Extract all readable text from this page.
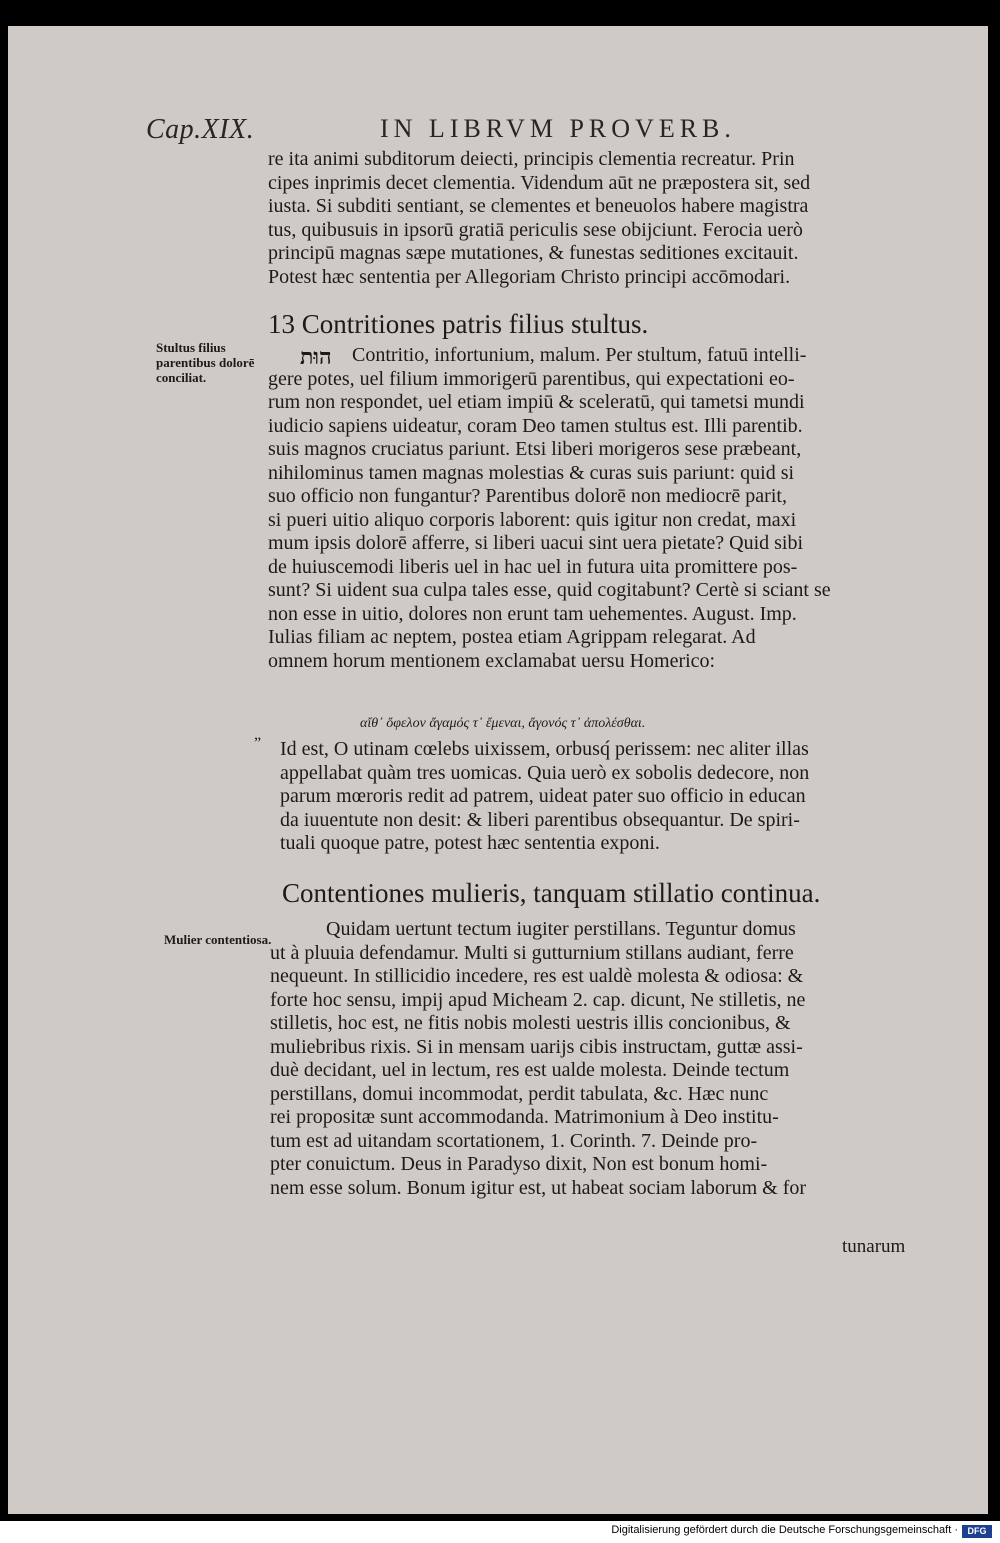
Cap.XIX.	IN LIBRVM PROVERB.
re ita animi subditorum deiecti, principis clementia recreatur. Prin
cipes inprimis decet clementia. Videndum aūt ne præpostera sit, sed
iusta. Si subditi sentiant, se clementes et beneuolos habere magistra
tus, quibusuis in ipsorū gratiā periculis sese obijciunt. Ferocia uerò
principū magnas sæpe mutationes, & funestas seditiones excitauit.
Potest hæc sententia per Allegoriam Christo principi accōmodari.
13 Contritiones patris filius stultus.
Stultus filius parentibus dolorē conciliat.
הוּת	Contritio, infortunium, malum. Per stultum, fatuū intelli-
gere potes, uel filium immorigerū parentibus, qui expectationi eo-
rum non respondet, uel etiam impiū & sceleratū, qui tametsi mundi
iudicio sapiens uideatur, coram Deo tamen stultus est. Illi parentib.
suis magnos cruciatus pariunt. Etsi liberi morigeros sese præbeant,
nihilominus tamen magnas molestias & curas suis pariunt: quid si
suo officio non fungantur? Parentibus dolorē non mediocrē parit,
si pueri uitio aliquo corporis laborent: quis igitur non credat, maxi
mum ipsis dolorē afferre, si liberi uacui sint uera pietate? Quid sibi
de huiuscemodi liberis uel in hac uel in futura uita promittere pos-
sunt? Si uident sua culpa tales esse, quid cogitabunt? Certè si sciant se
non esse in uitio, dolores non erunt tam uehementes. August. Imp.
Iulias filiam ac neptem, postea etiam Agrippam relegarat. Ad
omnem horum mentionem exclamabat uersu Homerico:
αἴθ᾽ ὄφελον ἄγαμός τ᾽ ἔμεναι, ἄγονός τ᾽ ἀπολέσθαι.
„
Id est, O utinam cœlebs uixissem, orbusq́ perissem: nec aliter illas
appellabat quàm tres uomicas. Quia uerò ex sobolis dedecore, non
parum mœroris redit ad patrem, uideat pater suo officio in educan
da iuuentute non desit: & liberi parentibus obsequantur. De spiri-
tuali quoque patre, potest hæc sententia exponi.
Contentiones mulieris, tanquam stillatio continua.
Mulier contentiosa.	Quidam uertunt tectum iugiter perstillans. Teguntur domus
ut à pluuia defendamur. Multi si gutturnium stillans audiant, ferre
nequeunt. In stillicidio incedere, res est ualdè molesta & odiosa: &
forte hoc sensu, impij apud Micheam 2. cap. dicunt, Ne stilletis, ne
stilletis, hoc est, ne fitis nobis molesti uestris illis concionibus, &
muliebribus rixis. Si in mensam uarijs cibis instructam, guttæ assi-
duè decidant, uel in lectum, res est ualde molesta. Deinde tectum
perstillans, domui incommodat, perdit tabulata, &c. Hæc nunc
rei propositæ sunt accommodanda. Matrimonium à Deo institu-
tum est ad uitandam scortationem, 1. Corinth. 7. Deinde pro-
pter conuictum. Deus in Paradyso dixit, Non est bonum homi-
nem esse solum. Bonum igitur est, ut habeat sociam laborum & for
tunarum
Digitalisierung gefördert durch die Deutsche Forschungsgemeinschaft ·	DFG
